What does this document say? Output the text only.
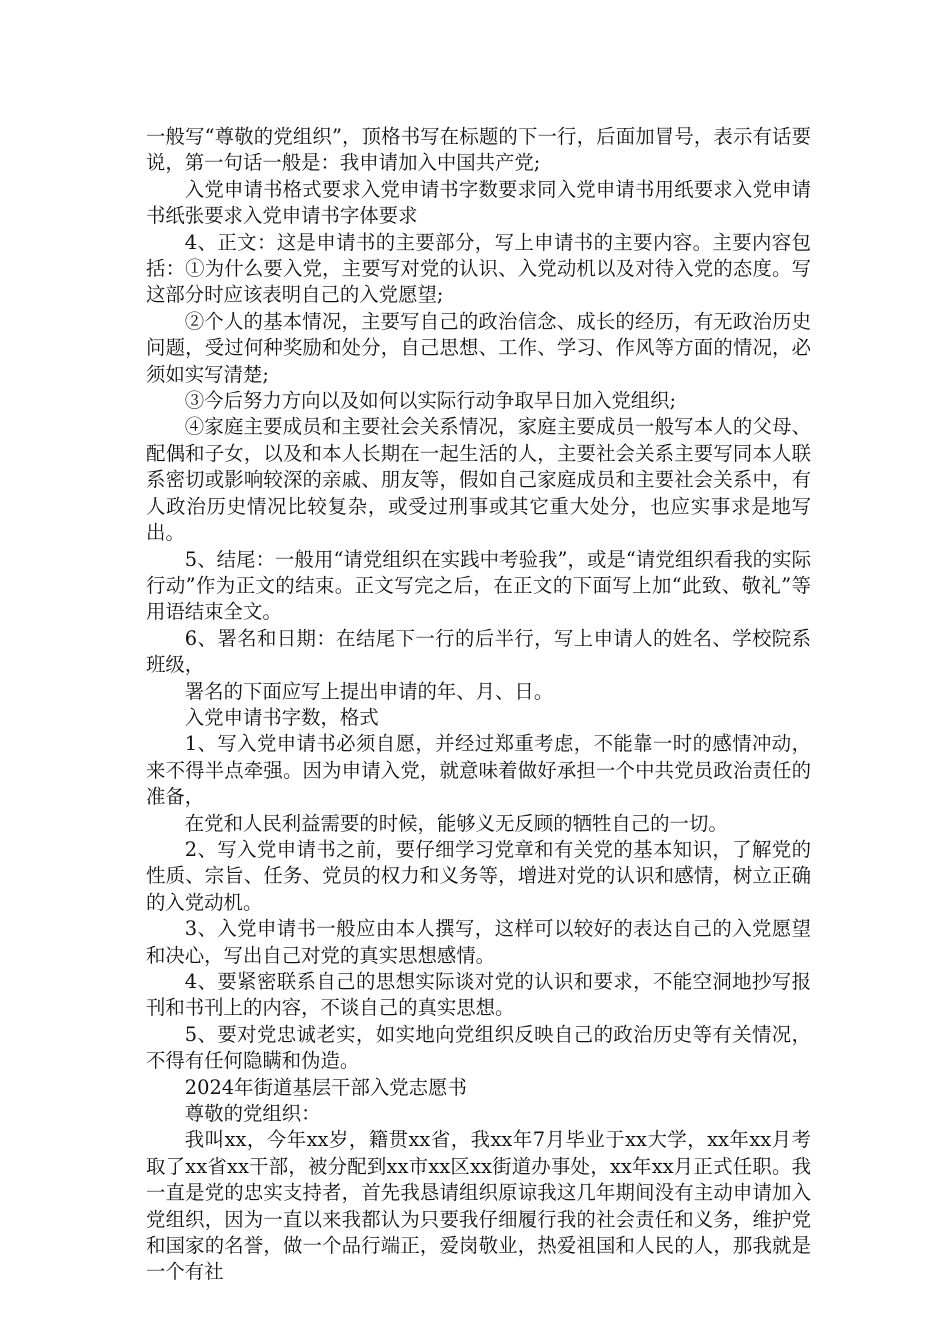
一般写“尊敬的党组织”，顶格书写在标题的下一行，后面加冒号，表示有话要说，第一句话一般是：我申请加入中国共产党;

入党申请书格式要求入党申请书字数要求同入党申请书用纸要求入党申请书纸张要求入党申请书字体要求

4、正文：这是申请书的主要部分，写上申请书的主要内容。主要内容包括：①为什么要入党，主要写对党的认识、入党动机以及对待入党的态度。写这部分时应该表明自己的入党愿望;

②个人的基本情况，主要写自己的政治信念、成长的经历，有无政治历史问题，受过何种奖励和处分，自己思想、工作、学习、作风等方面的情况，必须如实写清楚;

③今后努力方向以及如何以实际行动争取早日加入党组织;

④家庭主要成员和主要社会关系情况，家庭主要成员一般写本人的父母、配偶和子女，以及和本人长期在一起生活的人，主要社会关系主要写同本人联系密切或影响较深的亲戚、朋友等，假如自己家庭成员和主要社会关系中，有人政治历史情况比较复杂，或受过刑事或其它重大处分，也应实事求是地写出。

5、结尾：一般用“请党组织在实践中考验我”，或是“请党组织看我的实际行动”作为正文的结束。正文写完之后，在正文的下面写上加“此致、敬礼”等用语结束全文。

6、署名和日期：在结尾下一行的后半行，写上申请人的姓名、学校院系班级，

署名的下面应写上提出申请的年、月、日。

入党申请书字数，格式

1、写入党申请书必须自愿，并经过郑重考虑，不能靠一时的感情冲动，来不得半点牵强。因为申请入党，就意味着做好承担一个中共党员政治责任的准备，

在党和人民利益需要的时候，能够义无反顾的牺牲自己的一切。

2、写入党申请书之前，要仔细学习党章和有关党的基本知识，了解党的性质、宗旨、任务、党员的权力和义务等，增进对党的认识和感情，树立正确的入党动机。

3、入党申请书一般应由本人撰写，这样可以较好的表达自己的入党愿望和决心，写出自己对党的真实思想感情。

4、要紧密联系自己的思想实际谈对党的认识和要求，不能空洞地抄写报刊和书刊上的内容，不谈自己的真实思想。

5、要对党忠诚老实，如实地向党组织反映自己的政治历史等有关情况，不得有任何隐瞒和伪造。

2024年街道基层干部入党志愿书

尊敬的党组织：

我叫xx，今年xx岁，籍贯xx省，我xx年7月毕业于xx大学，xx年xx月考取了xx省xx干部，被分配到xx市xx区xx街道办事处，xx年xx月正式任职。我一直是党的忠实支持者，首先我恳请组织原谅我这几年期间没有主动申请加入党组织，因为一直以来我都认为只要我仔细履行我的社会责任和义务，维护党和国家的名誉，做一个品行端正，爱岗敬业，热爱祖国和人民的人，那我就是一个有社
